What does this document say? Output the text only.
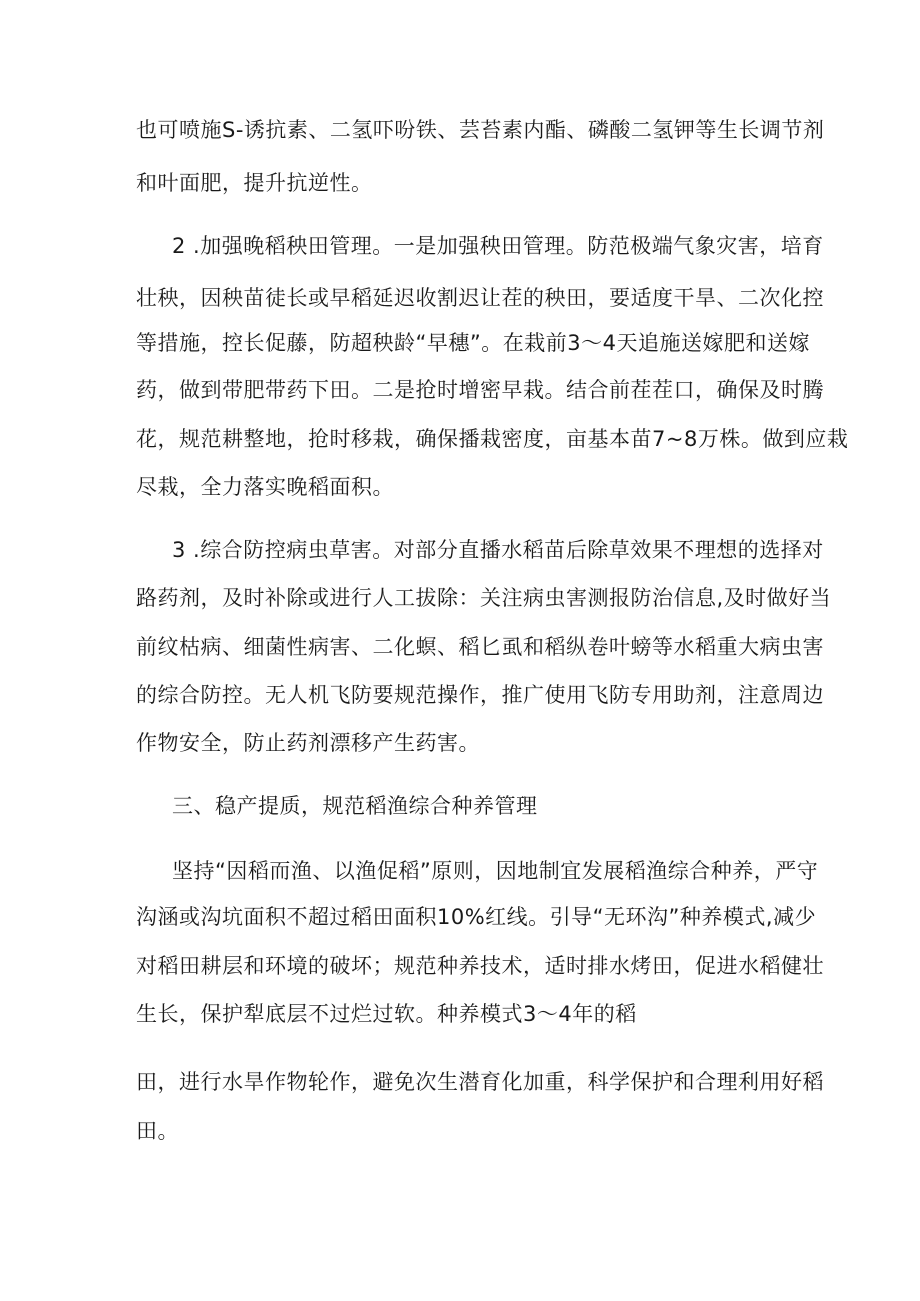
也可喷施S-诱抗素、二氢吓吩铁、芸苔素内酯、磷酸二氢钾等生长调节剂
和叶面肥，提升抗逆性。
2 .加强晚稻秧田管理。一是加强秧田管理。防范极端气象灾害，培育
壮秧，因秧苗徒长或早稻延迟收割迟让茬的秧田，要适度干旱、二次化控
等措施，控长促藤，防超秧龄“早穗”。在栽前3～4天追施送嫁肥和送嫁
药，做到带肥带药下田。二是抢时增密早栽。结合前茬茬口，确保及时腾
花，规范耕整地，抢时移栽，确保播栽密度，亩基本苗7~8万株。做到应栽
尽栽，全力落实晚稻面积。
3 .综合防控病虫草害。对部分直播水稻苗后除草效果不理想的选择对
路药剂，及时补除或进行人工拔除：关注病虫害测报防治信息,及时做好当
前纹枯病、细菌性病害、二化螟、稻匕虱和稻纵卷叶螃等水稻重大病虫害
的综合防控。无人机飞防要规范操作，推广使用飞防专用助剂，注意周边
作物安全，防止药剂漂移产生药害。
三、稳产提质，规范稻渔综合种养管理
坚持“因稻而渔、以渔促稻”原则，因地制宜发展稻渔综合种养，严守
沟涵或沟坑面积不超过稻田面积10%红线。引导“无环沟”种养模式,减少
对稻田耕层和环境的破坏；规范种养技术，适时排水烤田，促进水稻健壮
生长，保护犁底层不过烂过软。种养模式3～4年的稻
田，进行水旱作物轮作，避免次生潜育化加重，科学保护和合理利用好稻
田。
